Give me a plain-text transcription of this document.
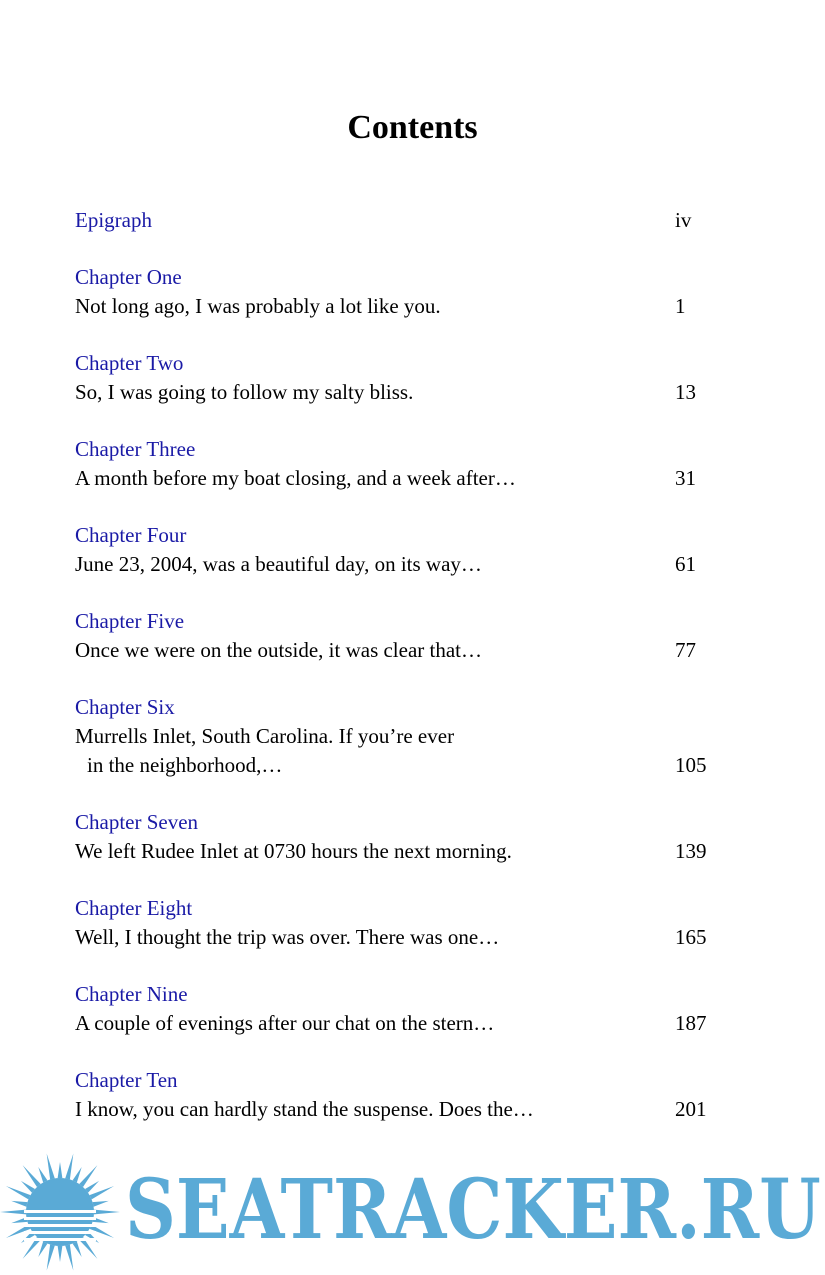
Contents
Epigraph	iv
Chapter One
Not long ago, I was probably a lot like you.	1
Chapter Two
So, I was going to follow my salty bliss.	13
Chapter Three
A month before my boat closing, and a week after…	31
Chapter Four
June 23, 2004, was a beautiful day, on its way…	61
Chapter Five
Once we were on the outside, it was clear that…	77
Chapter Six
Murrells Inlet, South Carolina. If you’re ever
in the neighborhood,…	105
Chapter Seven
We left Rudee Inlet at 0730 hours the next morning.	139
Chapter Eight
Well, I thought the trip was over. There was one…	165
Chapter Nine
A couple of evenings after our chat on the stern…	187
Chapter Ten
I know, you can hardly stand the suspense. Does the…	201
SEATRACKER.RU
